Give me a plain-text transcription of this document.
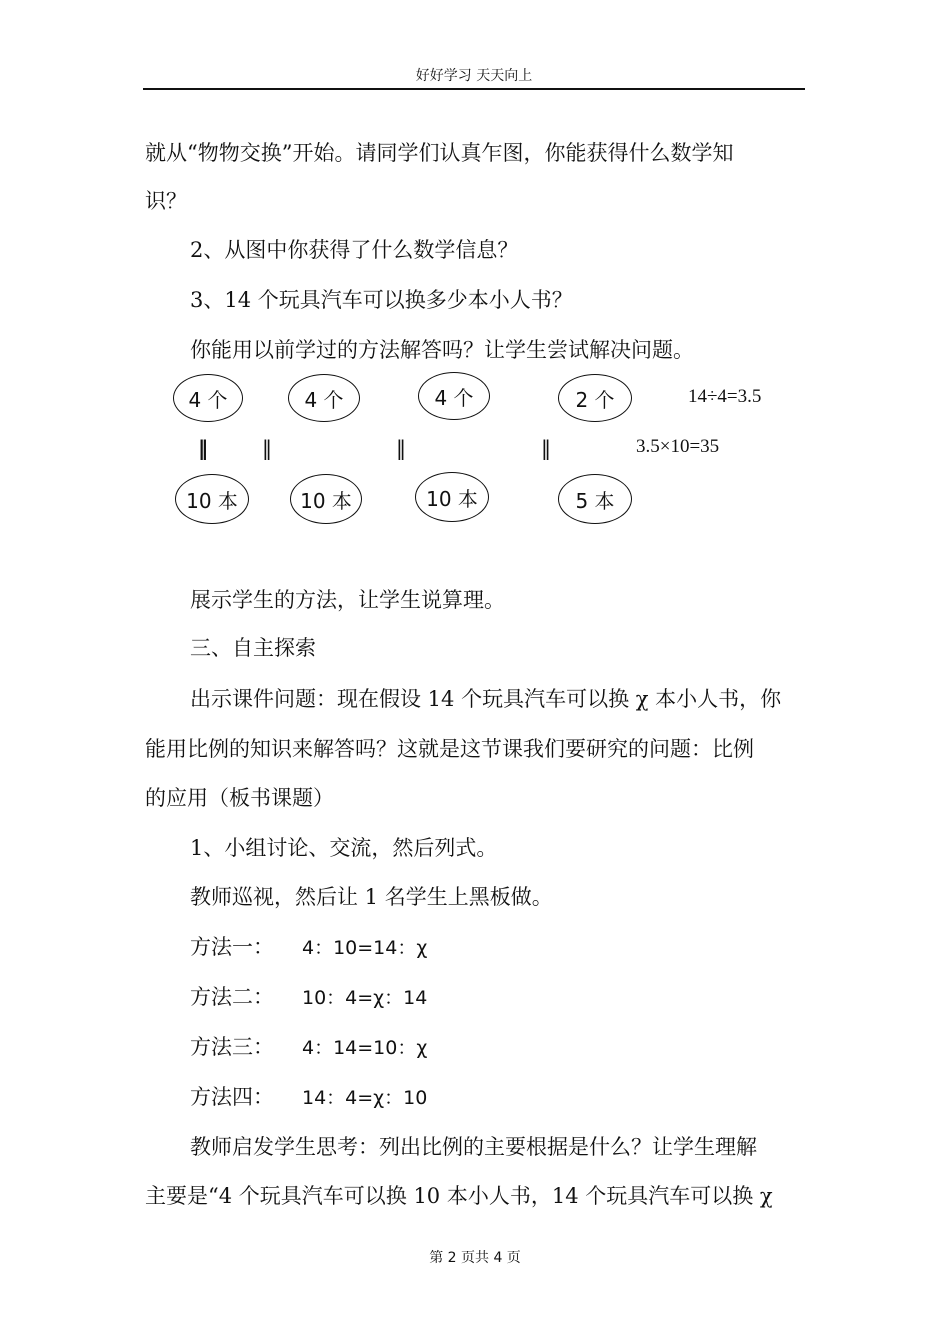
好好学习 天天向上
就从“物物交换”开始。请同学们认真乍图，你能获得什么数学知
识？
2、从图中你获得了什么数学信息？
3、14 个玩具汽车可以换多少本小人书？
你能用以前学过的方法解答吗？让学生尝试解决问题。
4 个	4 个	4 个	2 个	14÷4=3.5
‖	‖	‖	‖	3.5×10=35
10 本	10 本	10 本	5 本
展示学生的方法，让学生说算理。
三、自主探索
出示课件问题：现在假设 14 个玩具汽车可以换 χ 本小人书，你
能用比例的知识来解答吗？这就是这节课我们要研究的问题：比例
的应用（板书课题）
1、小组讨论、交流，然后列式。
教师巡视，然后让 1 名学生上黑板做。
方法一： 4：10=14：χ
方法二： 10：4=χ：14
方法三： 4：14=10：χ
方法四： 14：4=χ：10
教师启发学生思考：列出比例的主要根据是什么？让学生理解
主要是“4 个玩具汽车可以换 10 本小人书，14 个玩具汽车可以换 χ
第 2 页共 4 页
